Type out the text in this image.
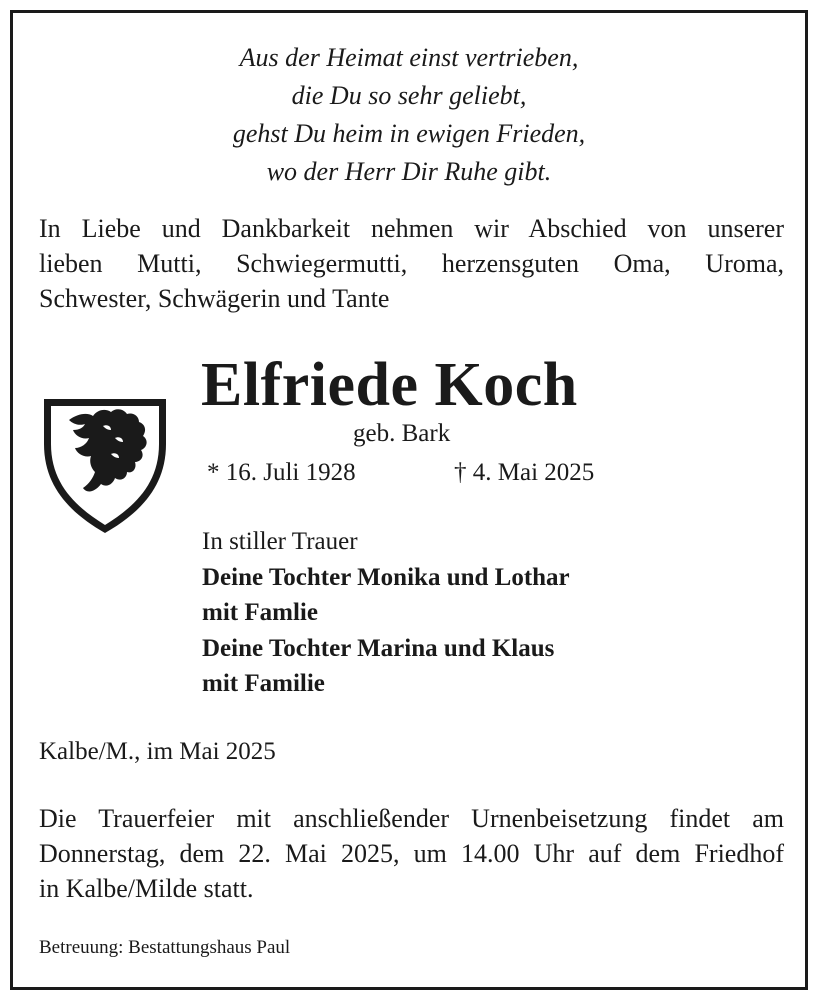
Aus der Heimat einst vertrieben,
die Du so sehr geliebt,
gehst Du heim in ewigen Frieden,
wo der Herr Dir Ruhe gibt.
In Liebe und Dankbarkeit nehmen wir Abschied von unserer
lieben Mutti, Schwiegermutti, herzensguten Oma, Uroma,
Schwester, Schwägerin und Tante
Elfriede Koch
geb. Bark
* 16. Juli 1928	† 4. Mai 2025
In stiller Trauer
Deine Tochter Monika und Lothar
mit Famlie
Deine Tochter Marina und Klaus
mit Familie
Kalbe/M., im Mai 2025
Die Trauerfeier mit anschließender Urnenbeisetzung findet am
Donnerstag, dem 22. Mai 2025, um 14.00 Uhr auf dem Friedhof
in Kalbe/Milde statt.
Betreuung: Bestattungshaus Paul
